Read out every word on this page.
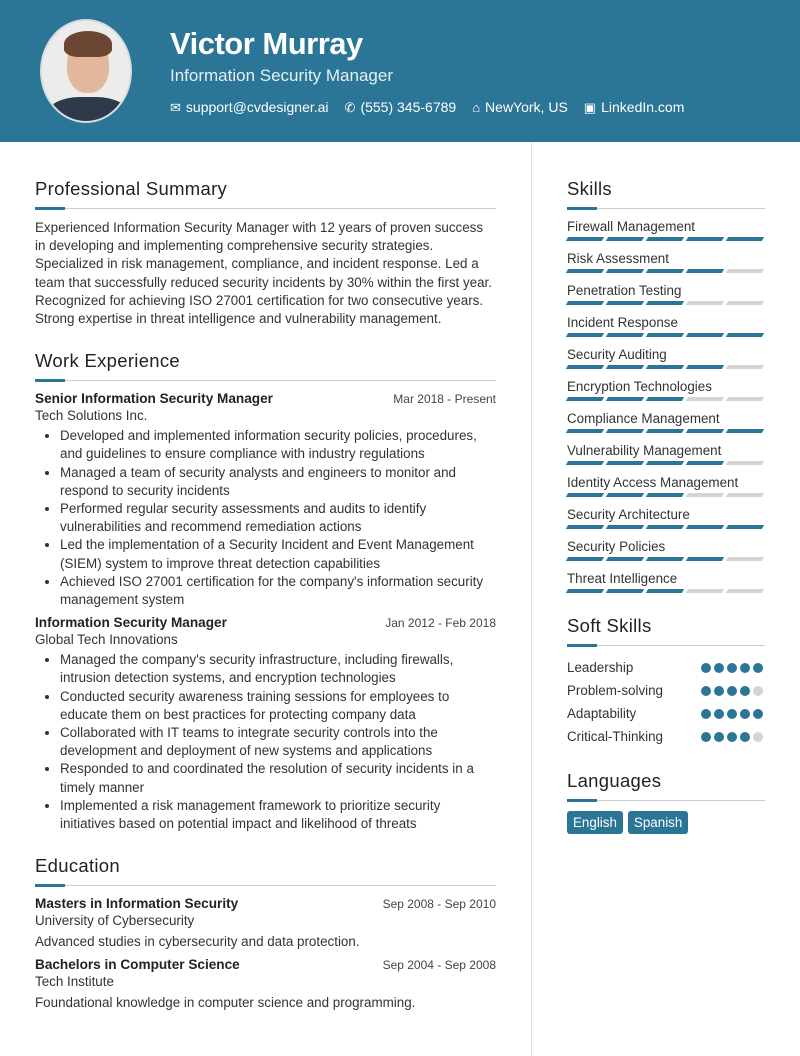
Victor Murray
Information Security Manager
✉ support@cvdesigner.ai ✆ (555) 345-6789 ⌂ NewYork, US ▣ LinkedIn.com
Professional Summary

Experienced Information Security Manager with 12 years of proven success in developing and implementing comprehensive security strategies. Specialized in risk management, compliance, and incident response. Led a team that successfully reduced security incidents by 30% within the first year. Recognized for achieving ISO 27001 certification for two consecutive years. Strong expertise in threat intelligence and vulnerability management.

Work Experience
Senior Information Security Manager	Mar 2018 - Present
Tech Solutions Inc.
• Developed and implemented information security policies, procedures, and guidelines to ensure compliance with industry regulations
• Managed a team of security analysts and engineers to monitor and respond to security incidents
• Performed regular security assessments and audits to identify vulnerabilities and recommend remediation actions
• Led the implementation of a Security Incident and Event Management (SIEM) system to improve threat detection capabilities
• Achieved ISO 27001 certification for the company's information security management system
Information Security Manager	Jan 2012 - Feb 2018
Global Tech Innovations
• Managed the company's security infrastructure, including firewalls, intrusion detection systems, and encryption technologies
• Conducted security awareness training sessions for employees to educate them on best practices for protecting company data
• Collaborated with IT teams to integrate security controls into the development and deployment of new systems and applications
• Responded to and coordinated the resolution of security incidents in a timely manner
• Implemented a risk management framework to prioritize security initiatives based on potential impact and likelihood of threats
Education
Masters in Information Security	Sep 2008 - Sep 2010
University of Cybersecurity
Advanced studies in cybersecurity and data protection.
Bachelors in Computer Science	Sep 2004 - Sep 2008
Tech Institute
Foundational knowledge in computer science and programming.
Skills
Firewall Management
Risk Assessment
Penetration Testing
Incident Response
Security Auditing
Encryption Technologies
Compliance Management
Vulnerability Management
Identity Access Management
Security Architecture
Security Policies
Threat Intelligence
Soft Skills
Leadership
Problem-solving
Adaptability
Critical-Thinking
Languages
English	Spanish
